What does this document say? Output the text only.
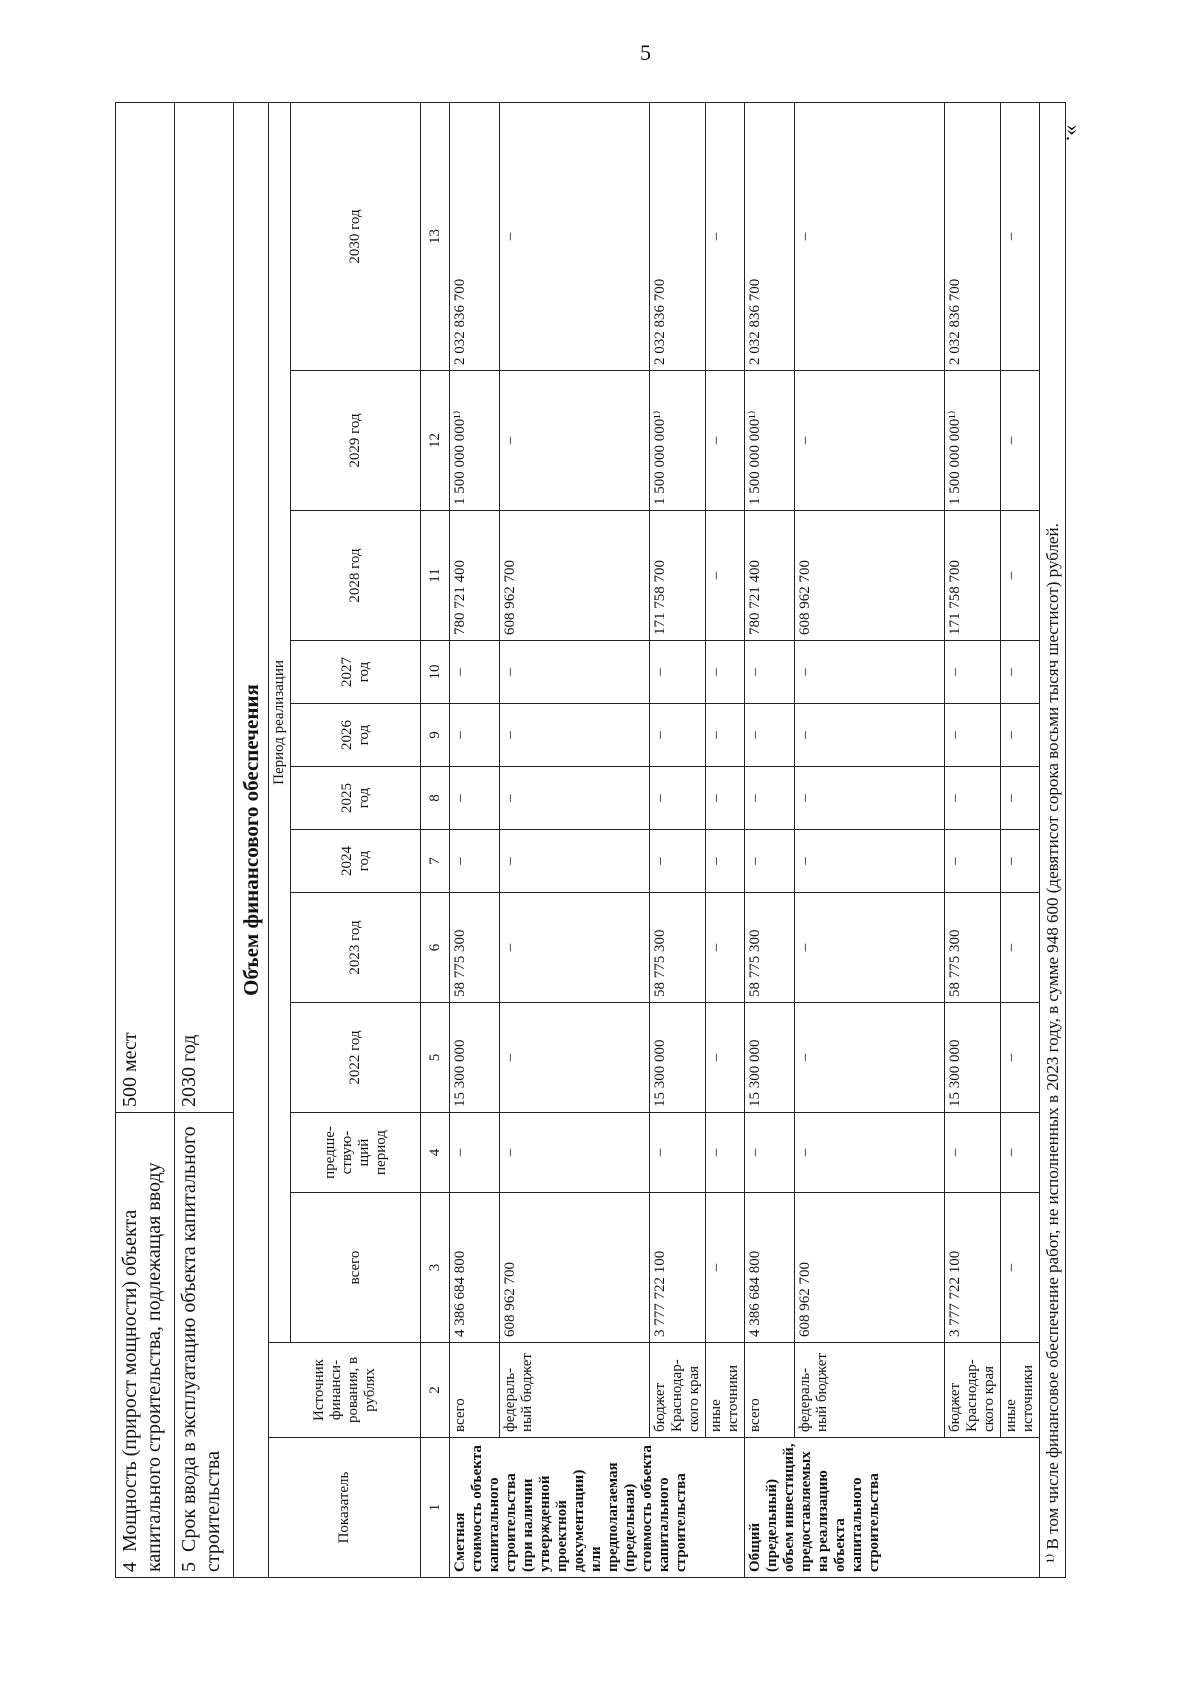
5
».
4  Мощность (прирост мощности) объекта капитального строительства, подлежащая вводу				500 мест								
5  Срок ввода в эксплуатацию объекта капитального строительства				2030 год								
Объем финансового обеспечения												
Показатель	Источник финанси-рования, в рублях	Период реализации										
		всего	предше-ствую-щий период	2022 год	2023 год	2024 год	2025 год	2026 год	2027 год	2028 год	2029 год	2030 год
1	2	3	4	5	6	7	8	9	10	11	12	13
Сметная стоимость объекта капитального строительства (при наличии утвержденной проектной документации) или предполагаемая (предельная) стоимость объекта капитального строительства	всего	4 386 684 800	–	15 300 000	58 775 300	–	–	–	–	780 721 400	1 500 000 000¹⁾	2 032 836 700
	федераль-ный бюджет	608 962 700	–	–	–	–	–	–	–	608 962 700	–	–
	бюджет Краснодар-ского края	3 777 722 100	–	15 300 000	58 775 300	–	–	–	–	171 758 700	1 500 000 000¹⁾	2 032 836 700
	иные источники	–	–	–	–	–	–	–	–	–	–	–
Общий (предельный) объем инвестиций, предоставляемых на реализацию объекта капитального строительства	всего	4 386 684 800	–	15 300 000	58 775 300	–	–	–	–	780 721 400	1 500 000 000¹⁾	2 032 836 700
	федераль-ный бюджет	608 962 700	–	–	–	–	–	–	–	608 962 700	–	–
	бюджет Краснодар-ского края	3 777 722 100	–	15 300 000	58 775 300	–	–	–	–	171 758 700	1 500 000 000¹⁾	2 032 836 700
	иные источники	–	–	–	–	–	–	–	–	–	–	–
¹⁾ В том числе финансовое обеспечение работ, не исполненных в 2023 году, в сумме 948 600 (девятисот сорока восьми тысяч шестисот) рублей.												
